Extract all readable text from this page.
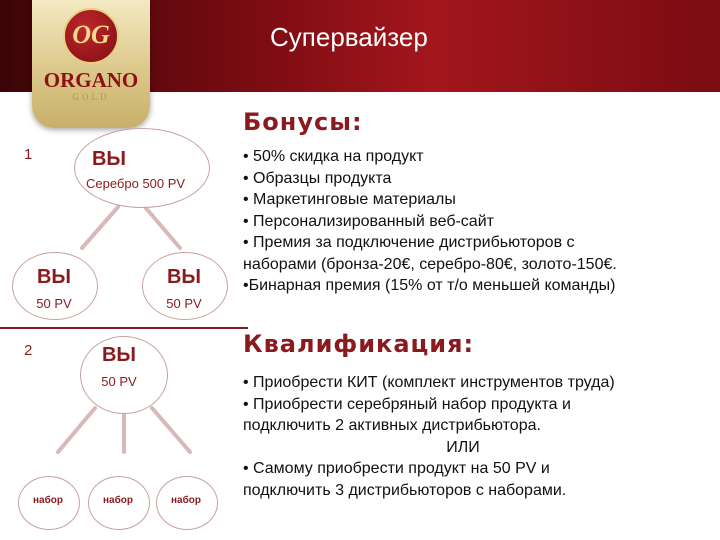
OG
ORGANO
GOLD
Супервайзер
1
2
ВЫ
Серебро 500 PV
ВЫ
50 PV
ВЫ
50 PV
ВЫ
50 PV
набор	набор	набор
Бонусы:
• 50% скидка на продукт
• Образцы продукта
• Маркетинговые материалы
• Персонализированный веб-сайт
• Премия за подключение дистрибьюторов с
наборами (бронза-20€, серебро-80€, золото-150€.
•Бинарная премия (15% от т/о меньшей команды)
Квалификация:
• Приобрести КИТ (комплект инструментов труда)
• Приобрести серебряный набор продукта и
подключить 2 активных дистрибьютора.
ИЛИ
• Самому приобрести продукт на 50 PV и
подключить 3 дистрибьюторов с наборами.
